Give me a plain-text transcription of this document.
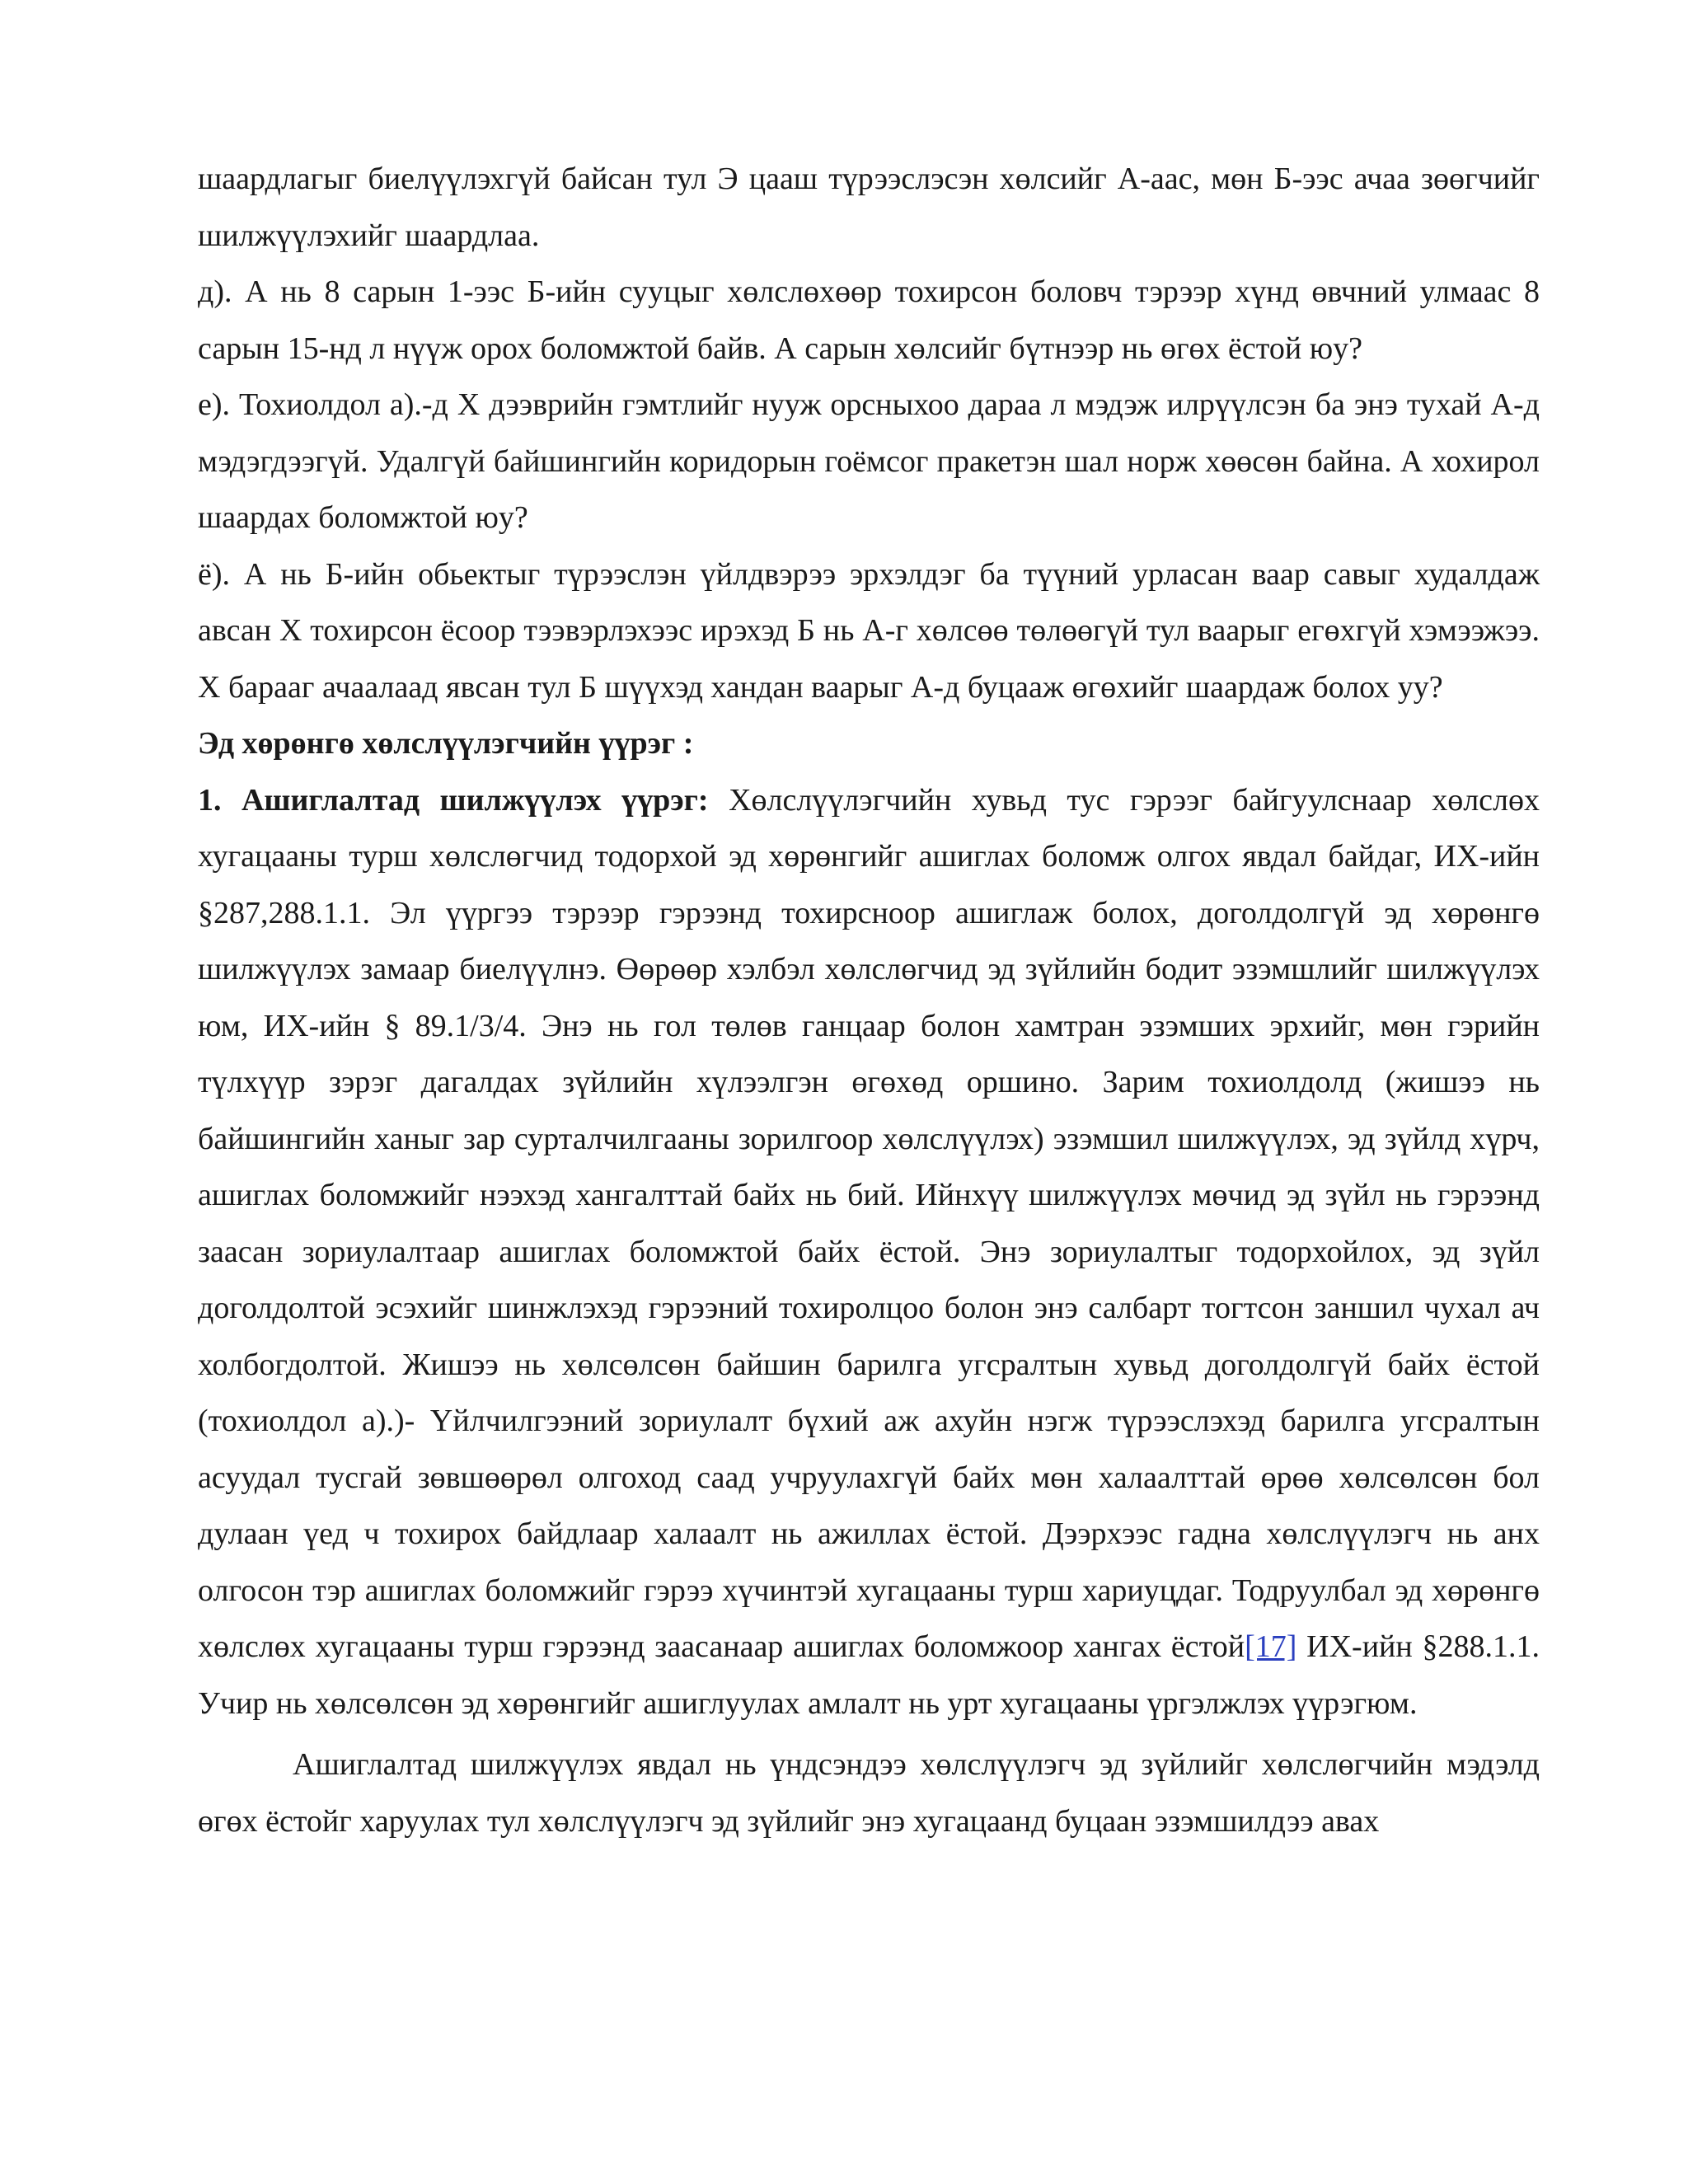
шаардлагыг биелүүлэхгүй байсан тул Э цааш түрээслэсэн хөлсийг А-аас, мөн Б-ээс ачаа зөөгчийг шилжүүлэхийг шаардлаа.

д). А нь 8 сарын 1-ээс Б-ийн сууцыг хөлслөхөөр тохирсон боловч тэрээр хүнд өвчний улмаас 8 сарын 15-нд л нүүж орох боломжтой байв. А сарын хөлсийг бүтнээр нь өгөх ёстой юу?

е). Тохиолдол а).-д Х дээврийн гэмтлийг нууж орсныхоо дараа л мэдэж илрүүлсэн ба энэ тухай А-д мэдэгдээгүй. Удалгүй байшингийн коридорын гоёмсог пракетэн шал норж хөөсөн байна. А хохирол шаардах боломжтой юу?

ё). А нь Б-ийн обьектыг түрээслэн үйлдвэрээ эрхэлдэг ба түүний урласан ваар савыг худалдаж авсан Х тохирсон ёсоор тээвэрлэхээс ирэхэд Б нь А-г хөлсөө төлөөгүй тул ваарыг егөхгүй хэмээжээ. Х барааг ачаалаад явсан тул Б шүүхэд хандан ваарыг А-д буцааж өгөхийг шаардаж болох уу?

Эд хөрөнгө хөлслүүлэгчийн үүрэг :

1. Ашиглалтад шилжүүлэх үүрэг: Хөлслүүлэгчийн хувьд тус гэрээг байгуулснаар хөлслөх хугацааны турш хөлслөгчид тодорхой эд хөрөнгийг ашиглах боломж олгох явдал байдаг, ИХ-ийн §287,288.1.1. Эл үүргээ тэрээр гэрээнд тохирсноор ашиглаж болох, доголдолгүй эд хөрөнгө шилжүүлэх замаар биелүүлнэ. Өөрөөр хэлбэл хөлслөгчид эд зүйлийн бодит эзэмшлийг шилжүүлэх юм, ИХ-ийн § 89.1/3/4. Энэ нь гол төлөв ганцаар болон хамтран эзэмших эрхийг, мөн гэрийн түлхүүр зэрэг дагалдах зүйлийн хүлээлгэн өгөхөд оршино. Зарим тохиолдолд (жишээ нь байшингийн ханыг зар сурталчилгааны зорилгоор хөлслүүлэх) эзэмшил шилжүүлэх, эд зүйлд хүрч, ашиглах боломжийг нээхэд хангалттай байх нь бий. Ийнхүү шилжүүлэх мөчид эд зүйл нь гэрээнд заасан зориулалтаар ашиглах боломжтой байх ёстой. Энэ зориулалтыг тодорхойлох, эд зүйл доголдолтой эсэхийг шинжлэхэд гэрээний тохиролцоо болон энэ салбарт тогтсон заншил чухал ач холбогдолтой. Жишээ нь хөлсөлсөн байшин барилга угсралтын хувьд доголдолгүй байх ёстой (тохиолдол а).)- Үйлчилгээний зориулалт бүхий аж ахуйн нэгж түрээслэхэд барилга угсралтын асуудал тусгай зөвшөөрөл олгоход саад учруулахгүй байх мөн халаалттай өрөө хөлсөлсөн бол дулаан үед ч тохирох байдлаар халаалт нь ажиллах ёстой. Дээрхээс гадна хөлслүүлэгч нь анх олгосон тэр ашиглах боломжийг гэрээ хүчинтэй хугацааны турш хариуцдаг. Тодруулбал эд хөрөнгө хөлслөх хугацааны турш гэрээнд заасанаар ашиглах боломжоор хангах ёстой[17] ИХ-ийн §288.1.1. Учир нь хөлсөлсөн эд хөрөнгийг ашиглуулах амлалт нь урт хугацааны үргэлжлэх үүрэгюм.

Ашиглалтад шилжүүлэх явдал нь үндсэндээ хөлслүүлэгч эд зүйлийг хөлслөгчийн мэдэлд өгөх ёстойг харуулах тул хөлслүүлэгч эд зүйлийг энэ хугацаанд буцаан эзэмшилдээ авах
